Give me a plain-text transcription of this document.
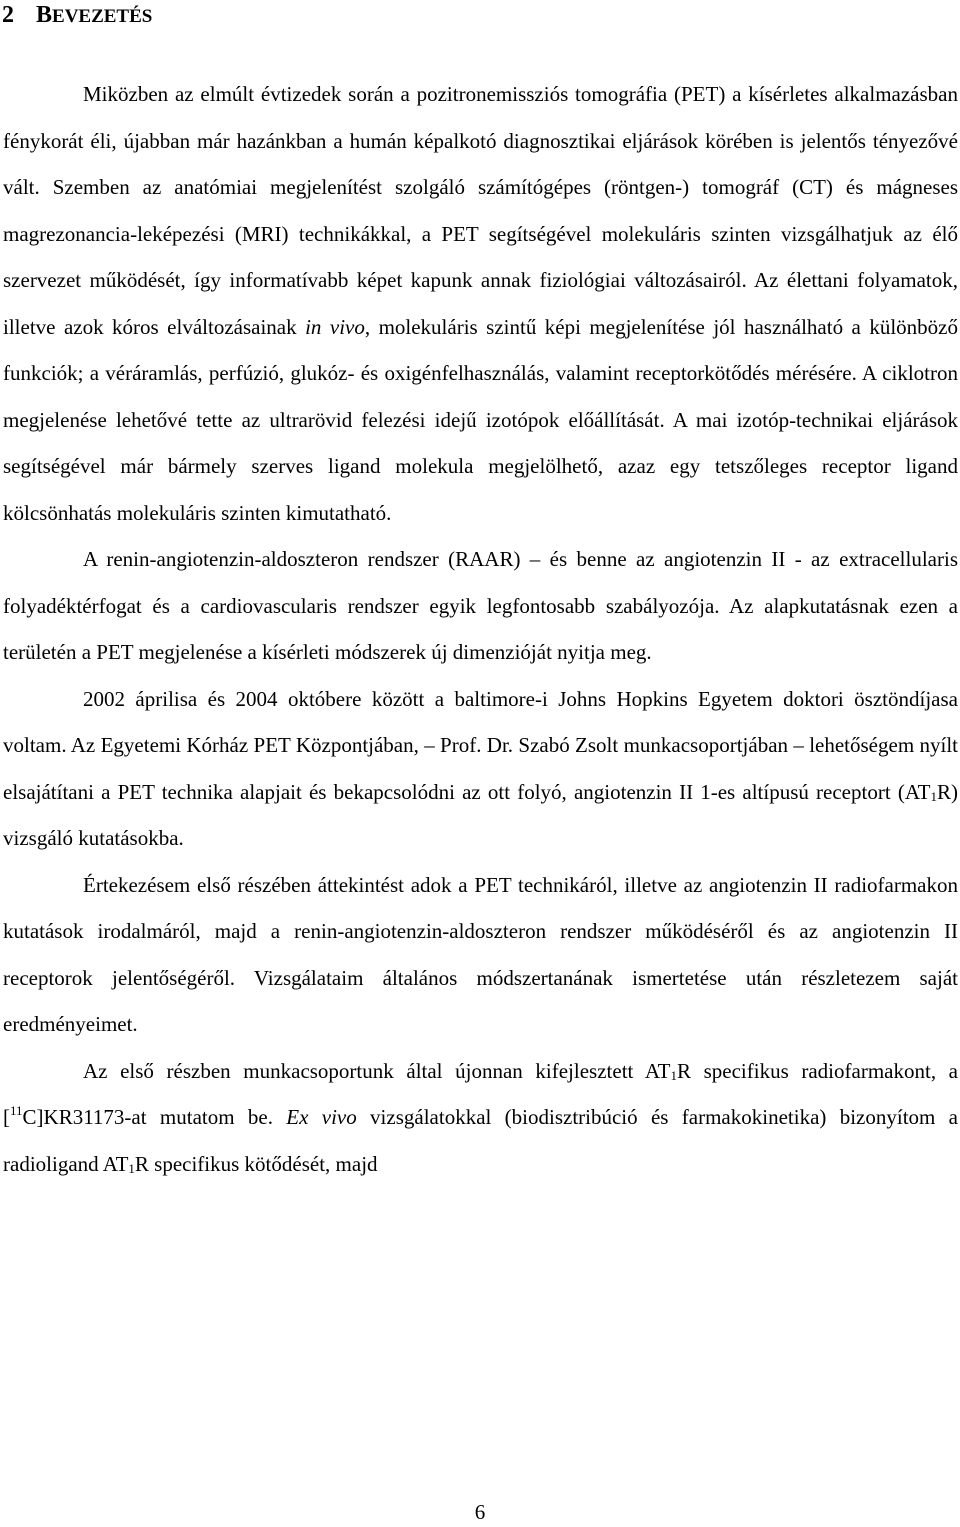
2 BEVEZETÉS

Miközben az elmúlt évtizedek során a pozitronemissziós tomográfia (PET) a kísérletes alkalmazásban fénykorát éli, újabban már hazánkban a humán képalkotó diagnosztikai eljárások körében is jelentős tényezővé vált. Szemben az anatómiai megjelenítést szolgáló számítógépes (röntgen-) tomográf (CT) és mágneses magrezonancia-leképezési (MRI) technikákkal, a PET segítségével molekuláris szinten vizsgálhatjuk az élő szervezet működését, így informatívabb képet kapunk annak fiziológiai változásairól. Az élettani folyamatok, illetve azok kóros elváltozásainak in vivo, molekuláris szintű képi megjelenítése jól használható a különböző funkciók; a véráramlás, perfúzió, glukóz- és oxigénfelhasználás, valamint receptorkötődés mérésére. A ciklotron megjelenése lehetővé tette az ultrarövid felezési idejű izotópok előállítását. A mai izotóp-technikai eljárások segítségével már bármely szerves ligand molekula megjelölhető, azaz egy tetszőleges receptor ligand kölcsönhatás molekuláris szinten kimutatható.

A renin-angiotenzin-aldoszteron rendszer (RAAR) – és benne az angiotenzin II - az extracellularis folyadéktérfogat és a cardiovascularis rendszer egyik legfontosabb szabályozója. Az alapkutatásnak ezen a területén a PET megjelenése a kísérleti módszerek új dimenzióját nyitja meg.

2002 áprilisa és 2004 októbere között a baltimore-i Johns Hopkins Egyetem doktori ösztöndíjasa voltam. Az Egyetemi Kórház PET Központjában, – Prof. Dr. Szabó Zsolt munkacsoportjában – lehetőségem nyílt elsajátítani a PET technika alapjait és bekapcsolódni az ott folyó, angiotenzin II 1-es altípusú receptort $(AT_1R)$ vizsgáló kutatásokba.

Értekezésem első részében áttekintést adok a PET technikáról, illetve az angiotenzin II radiofarmakon kutatások irodalmáról, majd a renin-angiotenzin-aldoszteron rendszer működéséről és az angiotenzin II receptorok jelentőségéről. Vizsgálataim általános módszertanának ismertetése után részletezem saját eredményeimet.

Az első részben munkacsoportunk által újonnan kifejlesztett $AT_1R$ specifikus radiofarmakont, a [$^{11}$C]KR31173-at mutatom be. Ex vivo vizsgálatokkal (biodisztribúció és farmakokinetika) bizonyítom a radioligand $AT_1R$ specifikus kötődését, majd

6
